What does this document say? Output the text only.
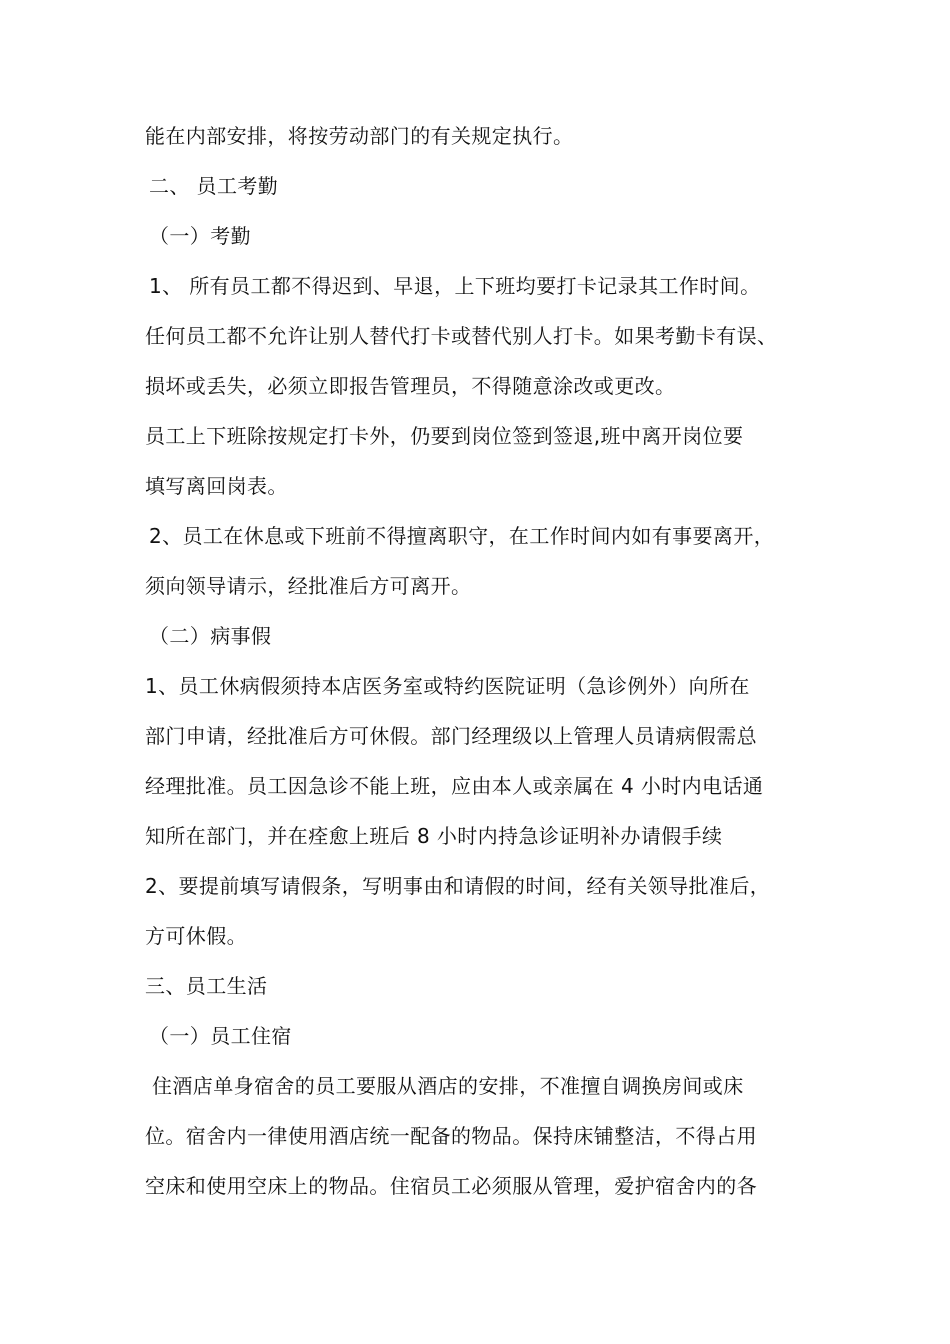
能在内部安排，将按劳动部门的有关规定执行。
二、 员工考勤
（一）考勤
1、 所有员工都不得迟到、早退，上下班均要打卡记录其工作时间。
任何员工都不允许让别人替代打卡或替代别人打卡。如果考勤卡有误、
损坏或丢失，必须立即报告管理员，不得随意涂改或更改。
员工上下班除按规定打卡外，仍要到岗位签到签退,班中离开岗位要
填写离回岗表。
2、员工在休息或下班前不得擅离职守，在工作时间内如有事要离开，
须向领导请示，经批准后方可离开。
（二）病事假
1、员工休病假须持本店医务室或特约医院证明（急诊例外）向所在
部门申请，经批准后方可休假。部门经理级以上管理人员请病假需总
经理批准。员工因急诊不能上班，应由本人或亲属在 4 小时内电话通
知所在部门，并在痊愈上班后 8 小时内持急诊证明补办请假手续
2、要提前填写请假条，写明事由和请假的时间，经有关领导批准后，
方可休假。
三、员工生活
（一）员工住宿
住酒店单身宿舍的员工要服从酒店的安排，不准擅自调换房间或床
位。宿舍内一律使用酒店统一配备的物品。保持床铺整洁，不得占用
空床和使用空床上的物品。住宿员工必须服从管理，爱护宿舍内的各
